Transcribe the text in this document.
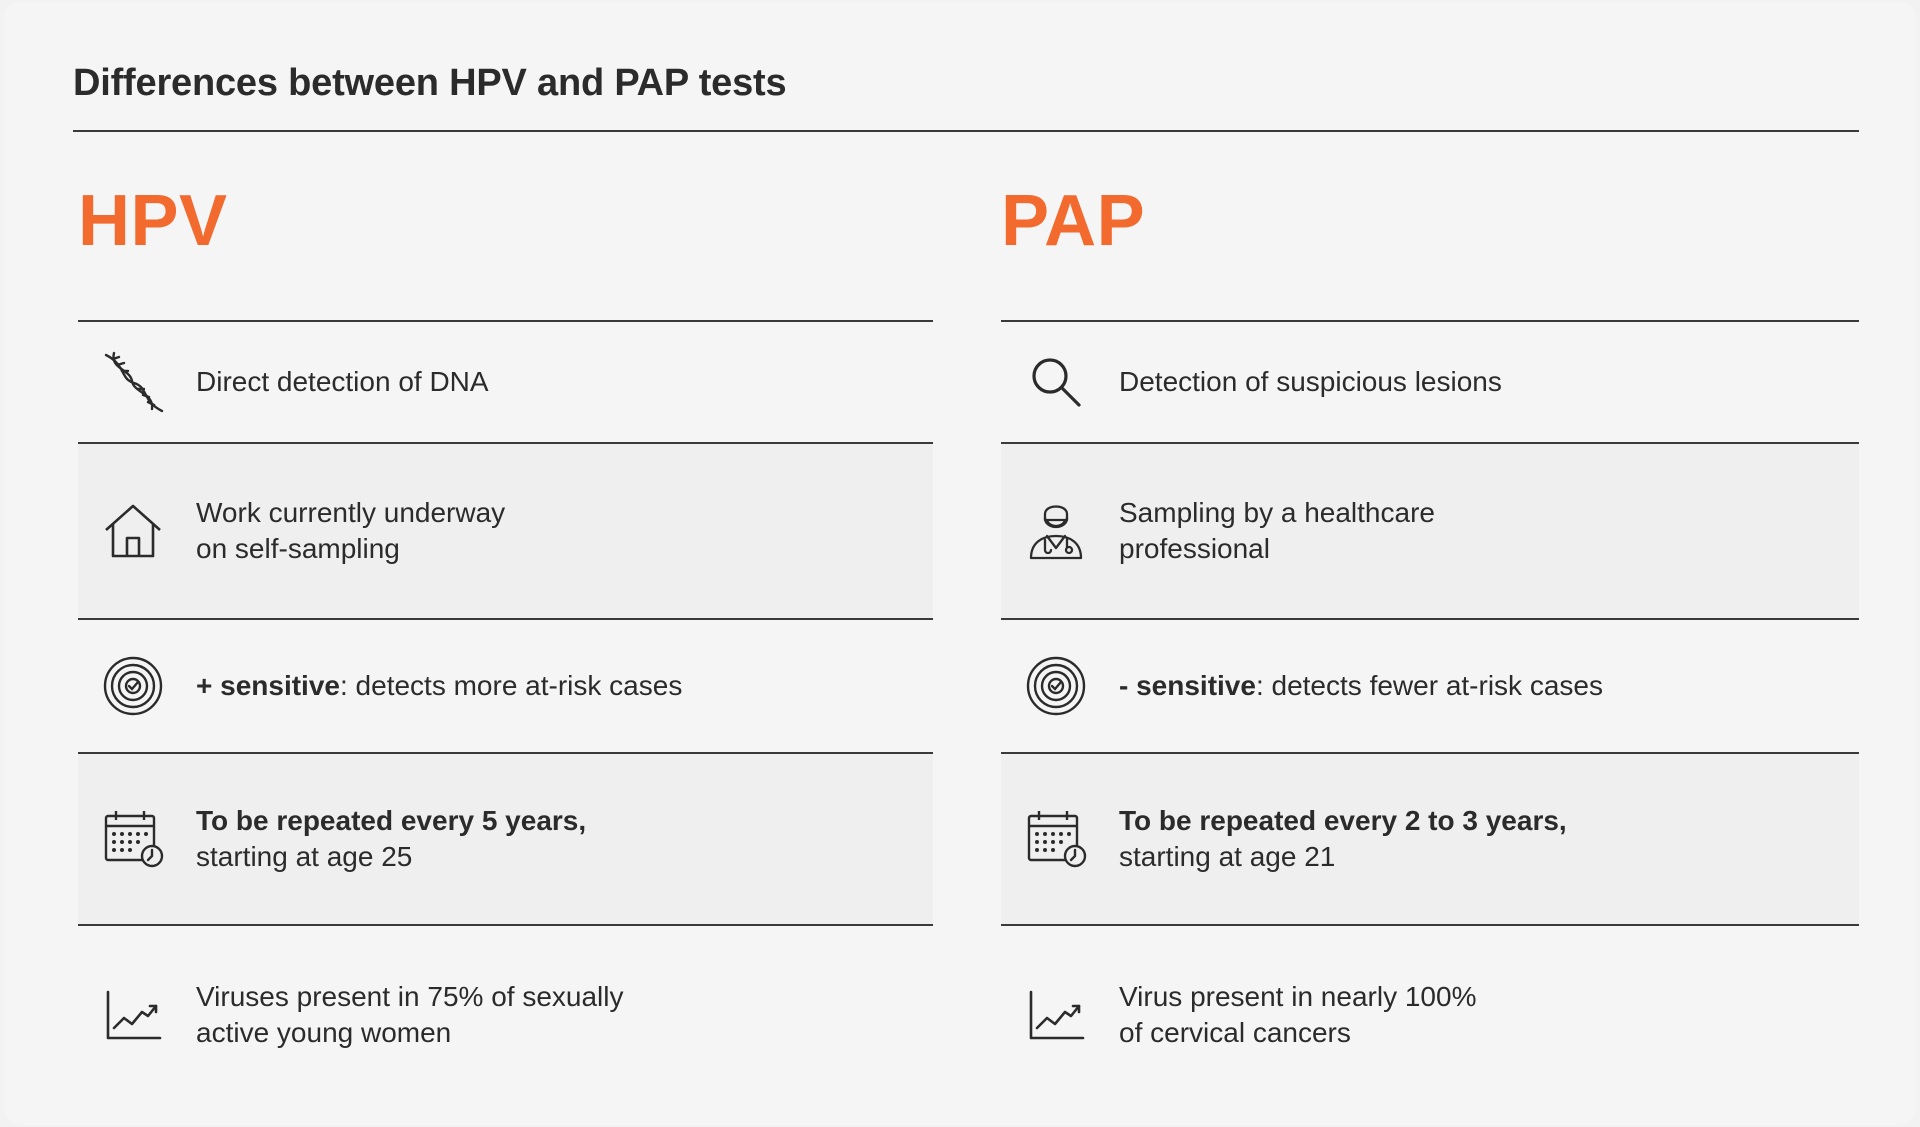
Differences between HPV and PAP tests
HPV
Direct detection of DNA
Work currently underway
on self-sampling
+ sensitive: detects more at-risk cases
To be repeated every 5 years,
starting at age 25
Viruses present in 75% of sexually
active young women
PAP
Detection of suspicious lesions
Sampling by a healthcare
professional
- sensitive: detects fewer at-risk cases
To be repeated every 2 to 3 years,
starting at age 21
Virus present in nearly 100%
of cervical cancers
